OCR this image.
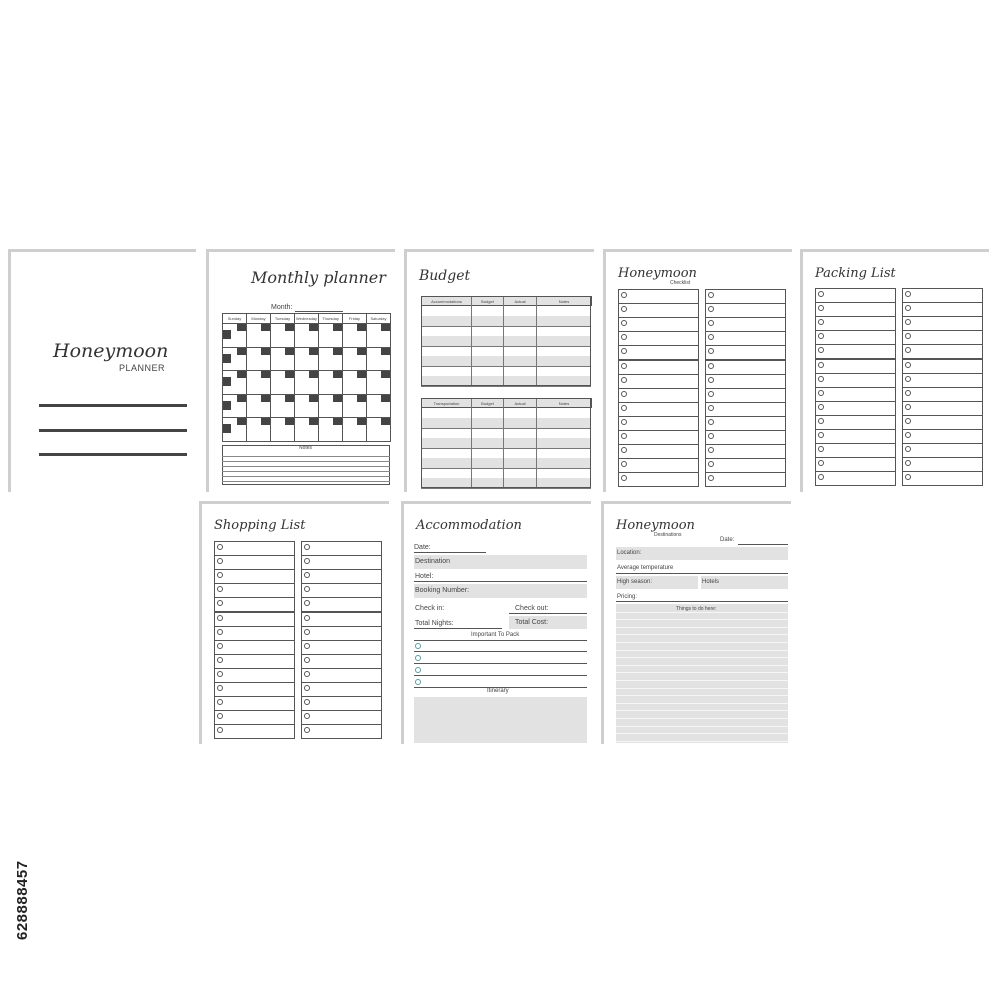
Honeymoon
PLANNER
Monthly planner
Month:
Sunday	Monday	Tuesday	Wednesday	Thursday	Friday	Saturday
Notes
Budget
Accommodations	Budget	Actual	Notes
Transportation	Budget	Actual	Notes
Honeymoon
Checklist
Packing List
Shopping List	Accommodation
Date:
Destination
Hotel:
Booking Number:
Check in:	Check out:
Total Nights:	Total Cost:
Important To Pack
Itinerary
Honeymoon
Destinations
Date:
Location:
Average temperature
High season:	Hotels
Pricing:
Things to do here:
628888457
